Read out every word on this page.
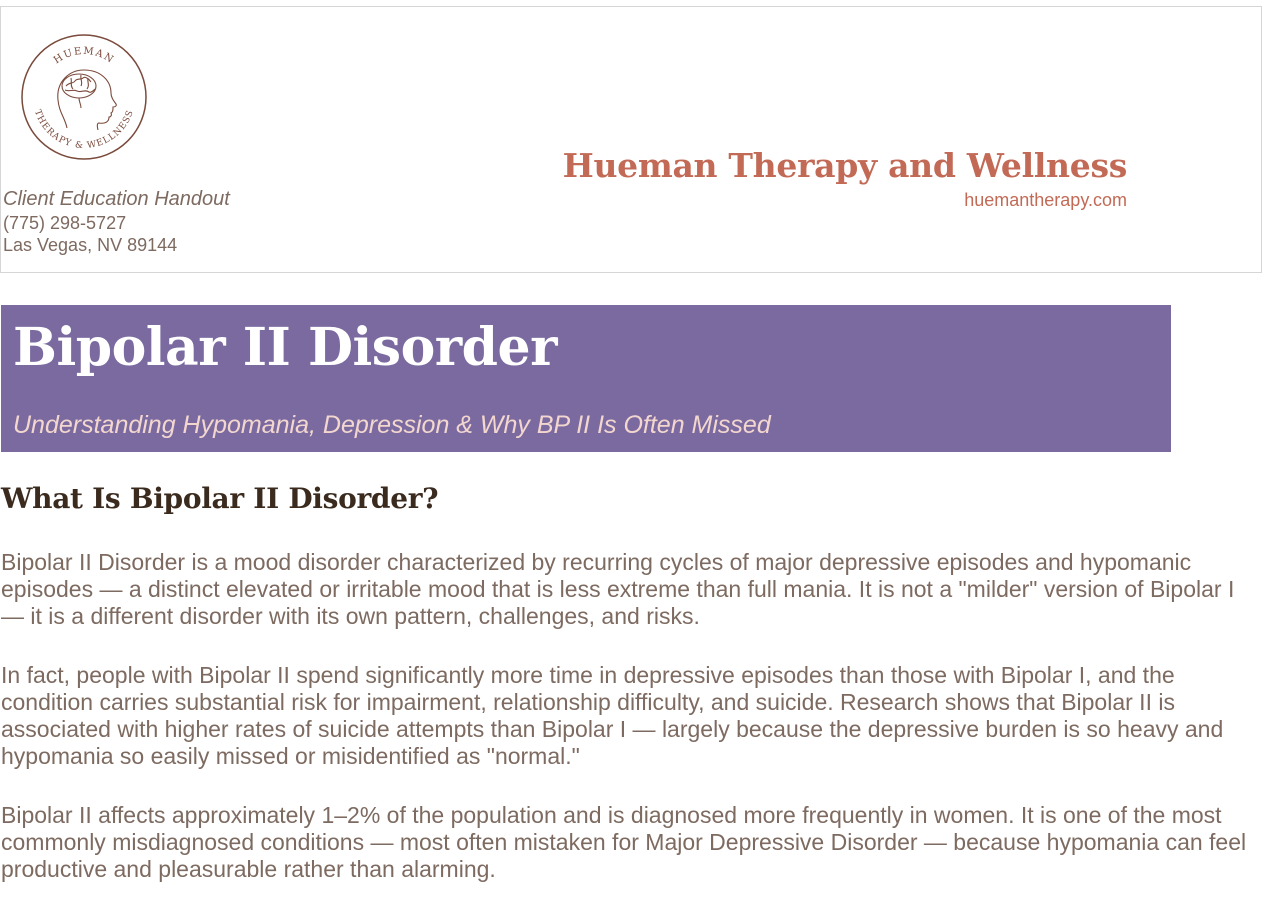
HUEMAN
THERAPY & WELLNESS
Hueman Therapy and Wellness
huemantherapy.com
Client Education Handout
(775) 298-5727
Las Vegas, NV 89144
Bipolar II Disorder
Understanding Hypomania, Depression & Why BP II Is Often Missed
What Is Bipolar II Disorder?

Bipolar II Disorder is a mood disorder characterized by recurring cycles of major depressive episodes and hypomanic episodes — a distinct elevated or irritable mood that is less extreme than full mania. It is not a "milder" version of Bipolar I — it is a different disorder with its own pattern, challenges, and risks.

In fact, people with Bipolar II spend significantly more time in depressive episodes than those with Bipolar I, and the condition carries substantial risk for impairment, relationship difficulty, and suicide. Research shows that Bipolar II is associated with higher rates of suicide attempts than Bipolar I — largely because the depressive burden is so heavy and hypomania so easily missed or misidentified as "normal."

Bipolar II affects approximately 1–2% of the population and is diagnosed more frequently in women. It is one of the most commonly misdiagnosed conditions — most often mistaken for Major Depressive Disorder — because hypomania can feel productive and pleasurable rather than alarming.
